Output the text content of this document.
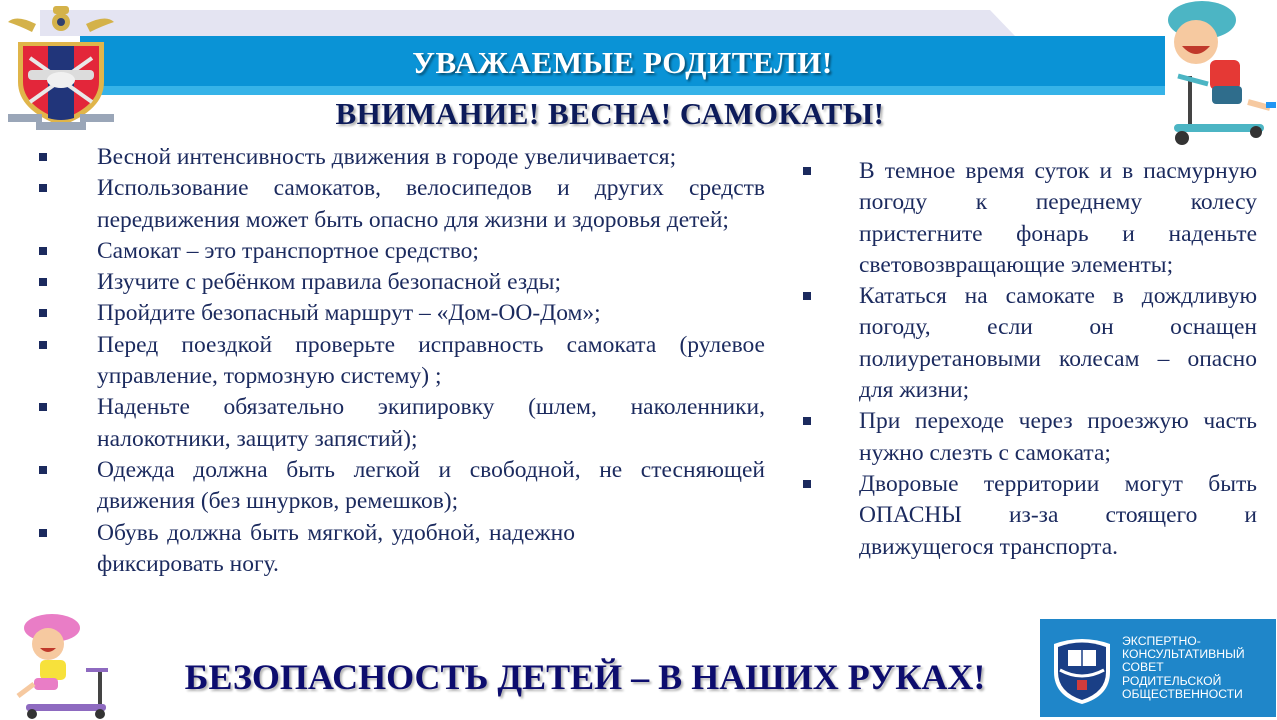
УВАЖАЕМЫЕ РОДИТЕЛИ!
ВНИМАНИЕ! ВЕСНА! САМОКАТЫ!
Весной интенсивность движения в городе увеличивается;
Использование самокатов, велосипедов и других средств передвижения может быть опасно для жизни и здоровья детей;
Самокат – это транспортное средство;
Изучите с ребёнком правила безопасной езды;
Пройдите безопасный маршрут – «Дом-ОО-Дом»;
Перед поездкой проверьте исправность самоката (рулевое управление, тормозную систему) ;
Наденьте обязательно экипировку (шлем, наколенники, налокотники, защиту запястий);
Одежда должна быть легкой и свободной, не стесняющей движения (без шнурков, ремешков);
Обувь должна быть мягкой, удобной, надежно фиксировать ногу.
В темное время суток и в пасмурную погоду к переднему колесу пристегните фонарь и наденьте световозвращающие элементы;
Кататься на самокате в дождливую погоду, если он оснащен полиуретановыми колесам – опасно для жизни;
При переходе через проезжую часть нужно слезть с самоката;
Дворовые территории могут быть ОПАСНЫ из-за стоящего и движущегося транспорта.
БЕЗОПАСНОСТЬ ДЕТЕЙ – В НАШИХ РУКАХ!
ЭКСПЕРТНО-
КОНСУЛЬТАТИВНЫЙ
СОВЕТ
РОДИТЕЛЬСКОЙ
ОБЩЕСТВЕННОСТИ
